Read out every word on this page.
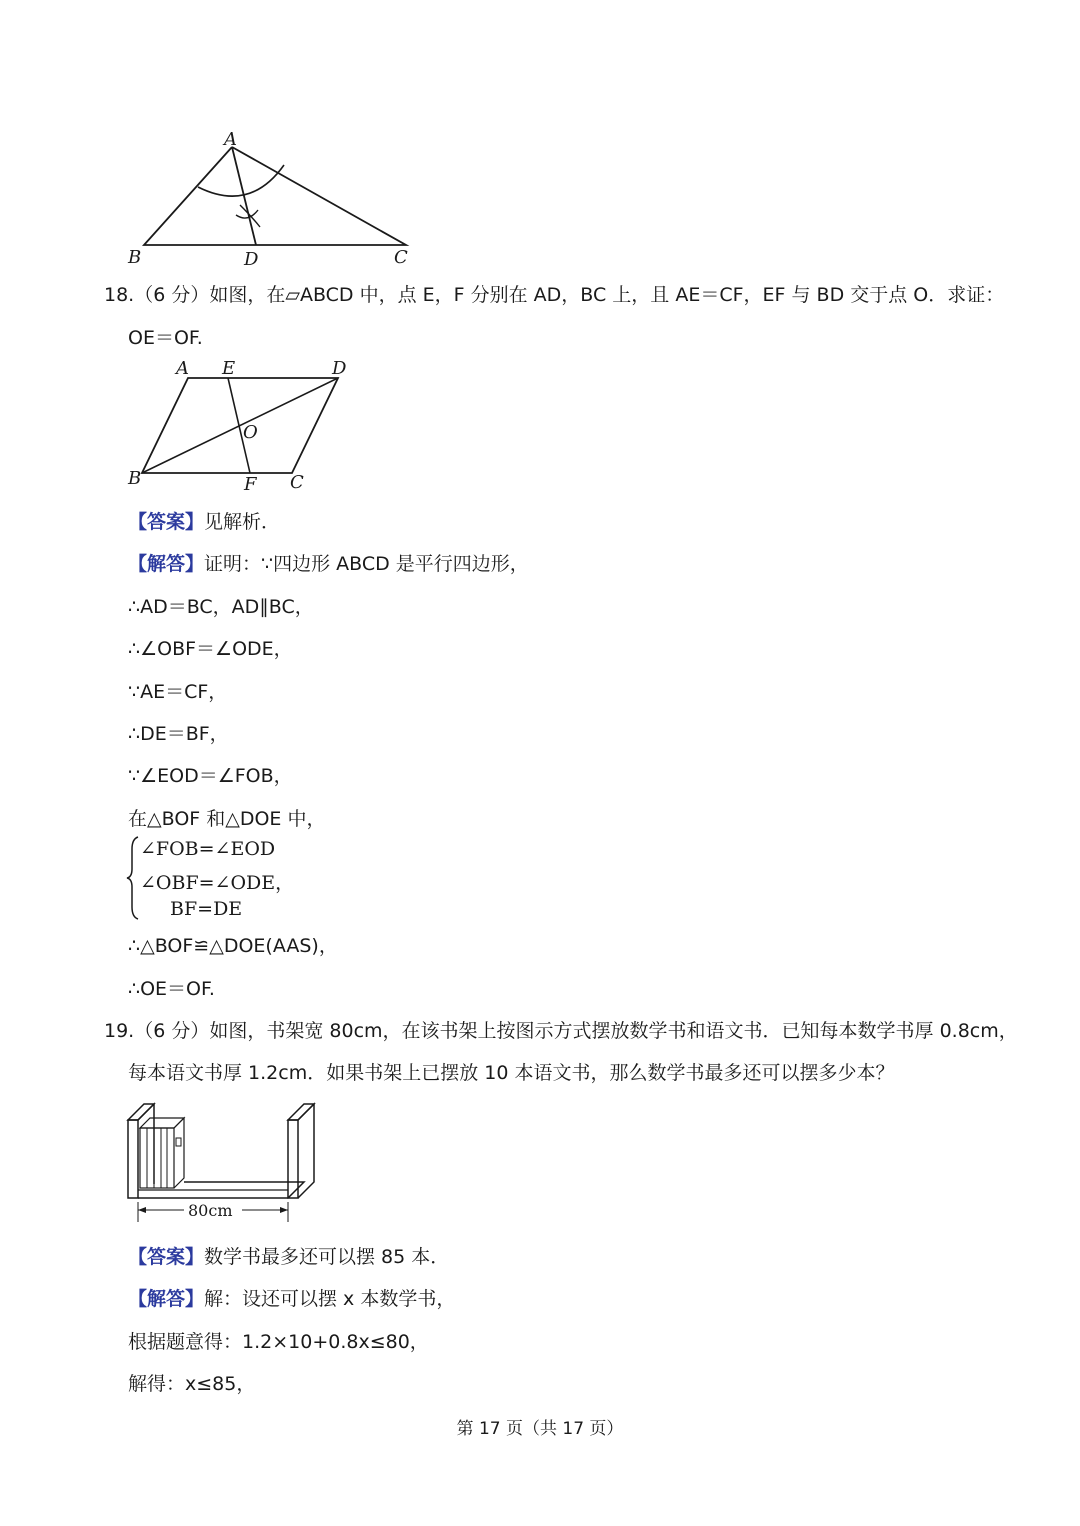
A
B	D	C
18.（6 分）如图，在▱ABCD 中，点 E，F 分别在 AD，BC 上，且 AE＝CF，EF 与 BD 交于点 O．求证：
OE＝OF.
A E	D
O
B	F C
【答案】见解析．
【解答】证明：∵四边形 ABCD 是平行四边形，
∴AD＝BC，AD∥BC，
∴∠OBF＝∠ODE，
∵AE＝CF，
∴DE＝BF，
∵∠EOD＝∠FOB，
在△BOF 和△DOE 中，
∠FOB=∠EOD
∠OBF=∠ODE，
BF=DE
∴△BOF≌△DOE(AAS)，
∴OE＝OF.
19.（6 分）如图，书架宽 80cm，在该书架上按图示方式摆放数学书和语文书．已知每本数学书厚 0.8cm，
每本语文书厚 1.2cm．如果书架上已摆放 10 本语文书，那么数学书最多还可以摆多少本？
80cm
【答案】数学书最多还可以摆 85 本．
【解答】解：设还可以摆 x 本数学书，
根据题意得：1.2×10+0.8x≤80，
解得：x≤85，
第 17 页（共 17 页）
